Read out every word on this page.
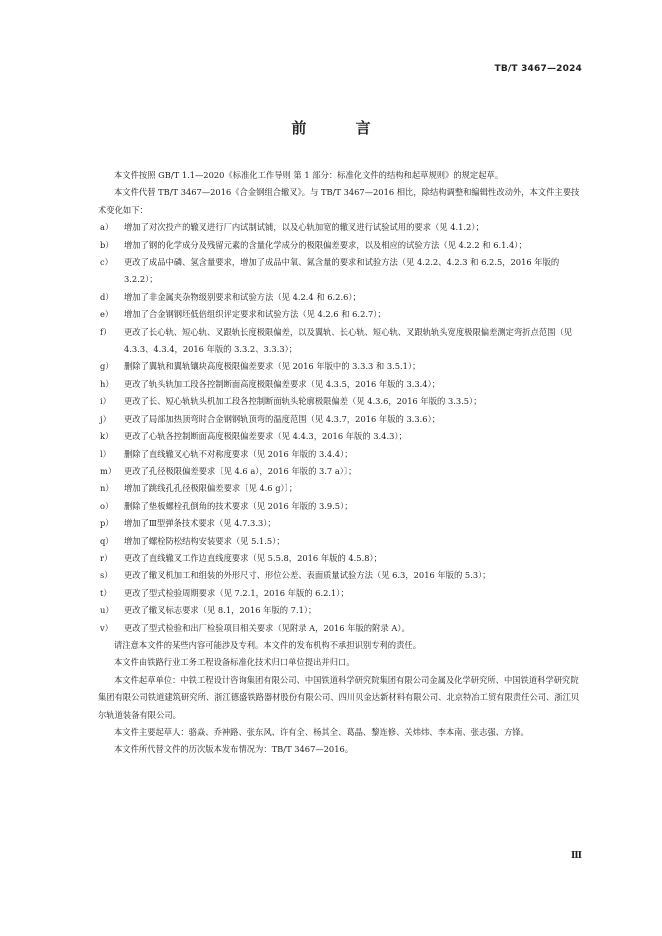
TB/T 3467—2024
前 言

本文件按照 GB/T 1.1—2020《标准化工作导则 第 1 部分：标准化文件的结构和起草规则》的规定起草。

本文件代替 TB/T 3467—2016《合金钢组合辙叉》。与 TB/T 3467—2016 相比，除结构调整和编辑性改动外，本文件主要技术变化如下：

a） 增加了对次投产的辙叉进行厂内试制试铺，以及心轨加宽的辙叉进行试验试用的要求（见 4.1.2）；

b） 增加了钢的化学成分及残留元素的含量化学成分的极限偏差要求，以及相应的试验方法（见 4.2.2 和 6.1.4）；

c） 更改了成品中磷、氢含量要求，增加了成品中氧、氮含量的要求和试验方法（见 4.2.2、4.2.3 和 6.2.5，2016 年版的 3.2.2）；

d） 增加了非金属夹杂物级别要求和试验方法（见 4.2.4 和 6.2.6）；

e） 增加了合金钢钢坯低倍组织评定要求和试验方法（见 4.2.6 和 6.2.7）；

f） 更改了长心轨、短心轨、叉跟轨长度极限偏差，以及翼轨、长心轨、短心轨、叉跟轨轨头宽度极限偏差测定弯折点范围（见 4.3.3、4.3.4，2016 年版的 3.3.2、3.3.3）；

g） 删除了翼轨和翼轨镶块高度极限偏差要求（见 2016 年版中的 3.3.3 和 3.5.1）；

h） 更改了轨头轨加工段各控制断面高度极限偏差要求（见 4.3.5，2016 年版的 3.3.4）；

i） 更改了长、短心轨轨头机加工段各控制断面轨头轮廓极限偏差（见 4.3.6，2016 年版的 3.3.5）；

j） 更改了局部加热顶弯时合金钢钢轨顶弯的温度范围（见 4.3.7，2016 年版的 3.3.6）；

k） 更改了心轨各控制断面高度极限偏差要求（见 4.4.3，2016 年版的 3.4.3）；

l） 删除了直线辙叉心轨不对称度要求（见 2016 年版的 3.4.4）；

m） 更改了孔径极限偏差要求〔见 4.6 a），2016 年版的 3.7 a）〕；

n） 增加了跳线孔孔径极限偏差要求〔见 4.6 g）〕；

o） 删除了垫板螺栓孔倒角的技术要求（见 2016 年版的 3.9.5）；

p） 增加了Ⅲ型弹条技术要求（见 4.7.3.3）；

q） 增加了螺栓防松结构安装要求（见 5.1.5）；

r） 更改了直线辙叉工作边直线度要求（见 5.5.8，2016 年版的 4.5.8）；

s） 更改了辙叉机加工和组装的外形尺寸、形位公差、表面质量试验方法（见 6.3，2016 年版的 5.3）；

t） 更改了型式检验周期要求（见 7.2.1，2016 年版的 6.2.1）；

u） 更改了辙叉标志要求（见 8.1，2016 年版的 7.1）；

v） 更改了型式检验和出厂检验项目相关要求（见附录 A，2016 年版的附录 A）。

请注意本文件的某些内容可能涉及专利。本文件的发布机构不承担识别专利的责任。

本文件由铁路行业工务工程设备标准化技术归口单位提出并归口。

本文件起草单位：中铁工程设计咨询集团有限公司、中国铁道科学研究院集团有限公司金属及化学研究所、中国铁道科学研究院集团有限公司铁道建筑研究所、浙江德盛铁路器材股份有限公司、四川贝金达新材料有限公司、北京特冶工贸有限责任公司、浙江贝尔轨道装备有限公司。

本文件主要起草人：骆焱、乔神路、张东风、许有全、杨其全、葛晶、黎连修、关炜炜、李本南、张志强、方锋。

本文件所代替文件的历次版本发布情况为：TB/T 3467—2016。

Ⅲ
